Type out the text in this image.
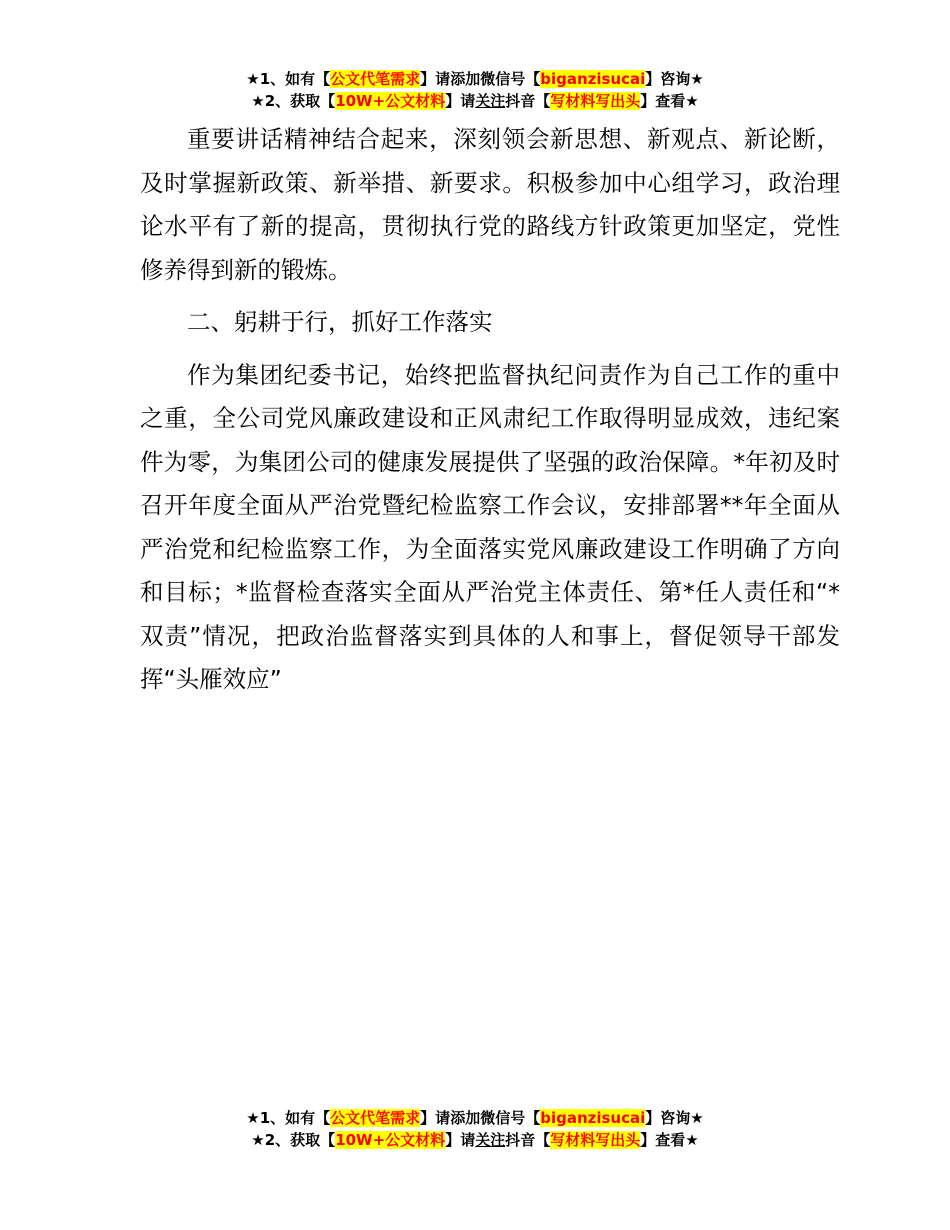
★1、如有【公文代笔需求】请添加微信号【biganzisucai】咨询★
★2、获取【10W+公文材料】请关注抖音【写材料写出头】查看★

重要讲话精神结合起来，深刻领会新思想、新观点、新论断，及时掌握新政策、新举措、新要求。积极参加中心组学习，政治理论水平有了新的提高，贯彻执行党的路线方针政策更加坚定，党性修养得到新的锻炼。

二、躬耕于行，抓好工作落实

作为集团纪委书记，始终把监督执纪问责作为自己工作的重中之重，全公司党风廉政建设和正风肃纪工作取得明显成效，违纪案件为零，为集团公司的健康发展提供了坚强的政治保障。*年初及时召开年度全面从严治党暨纪检监察工作会议，安排部署**年全面从严治党和纪检监察工作，为全面落实党风廉政建设工作明确了方向和目标；*监督检查落实全面从严治党主体责任、第*任人责任和“*双责”情况，把政治监督落实到具体的人和事上，督促领导干部发挥“头雁效应”

★1、如有【公文代笔需求】请添加微信号【biganzisucai】咨询★
★2、获取【10W+公文材料】请关注抖音【写材料写出头】查看★
